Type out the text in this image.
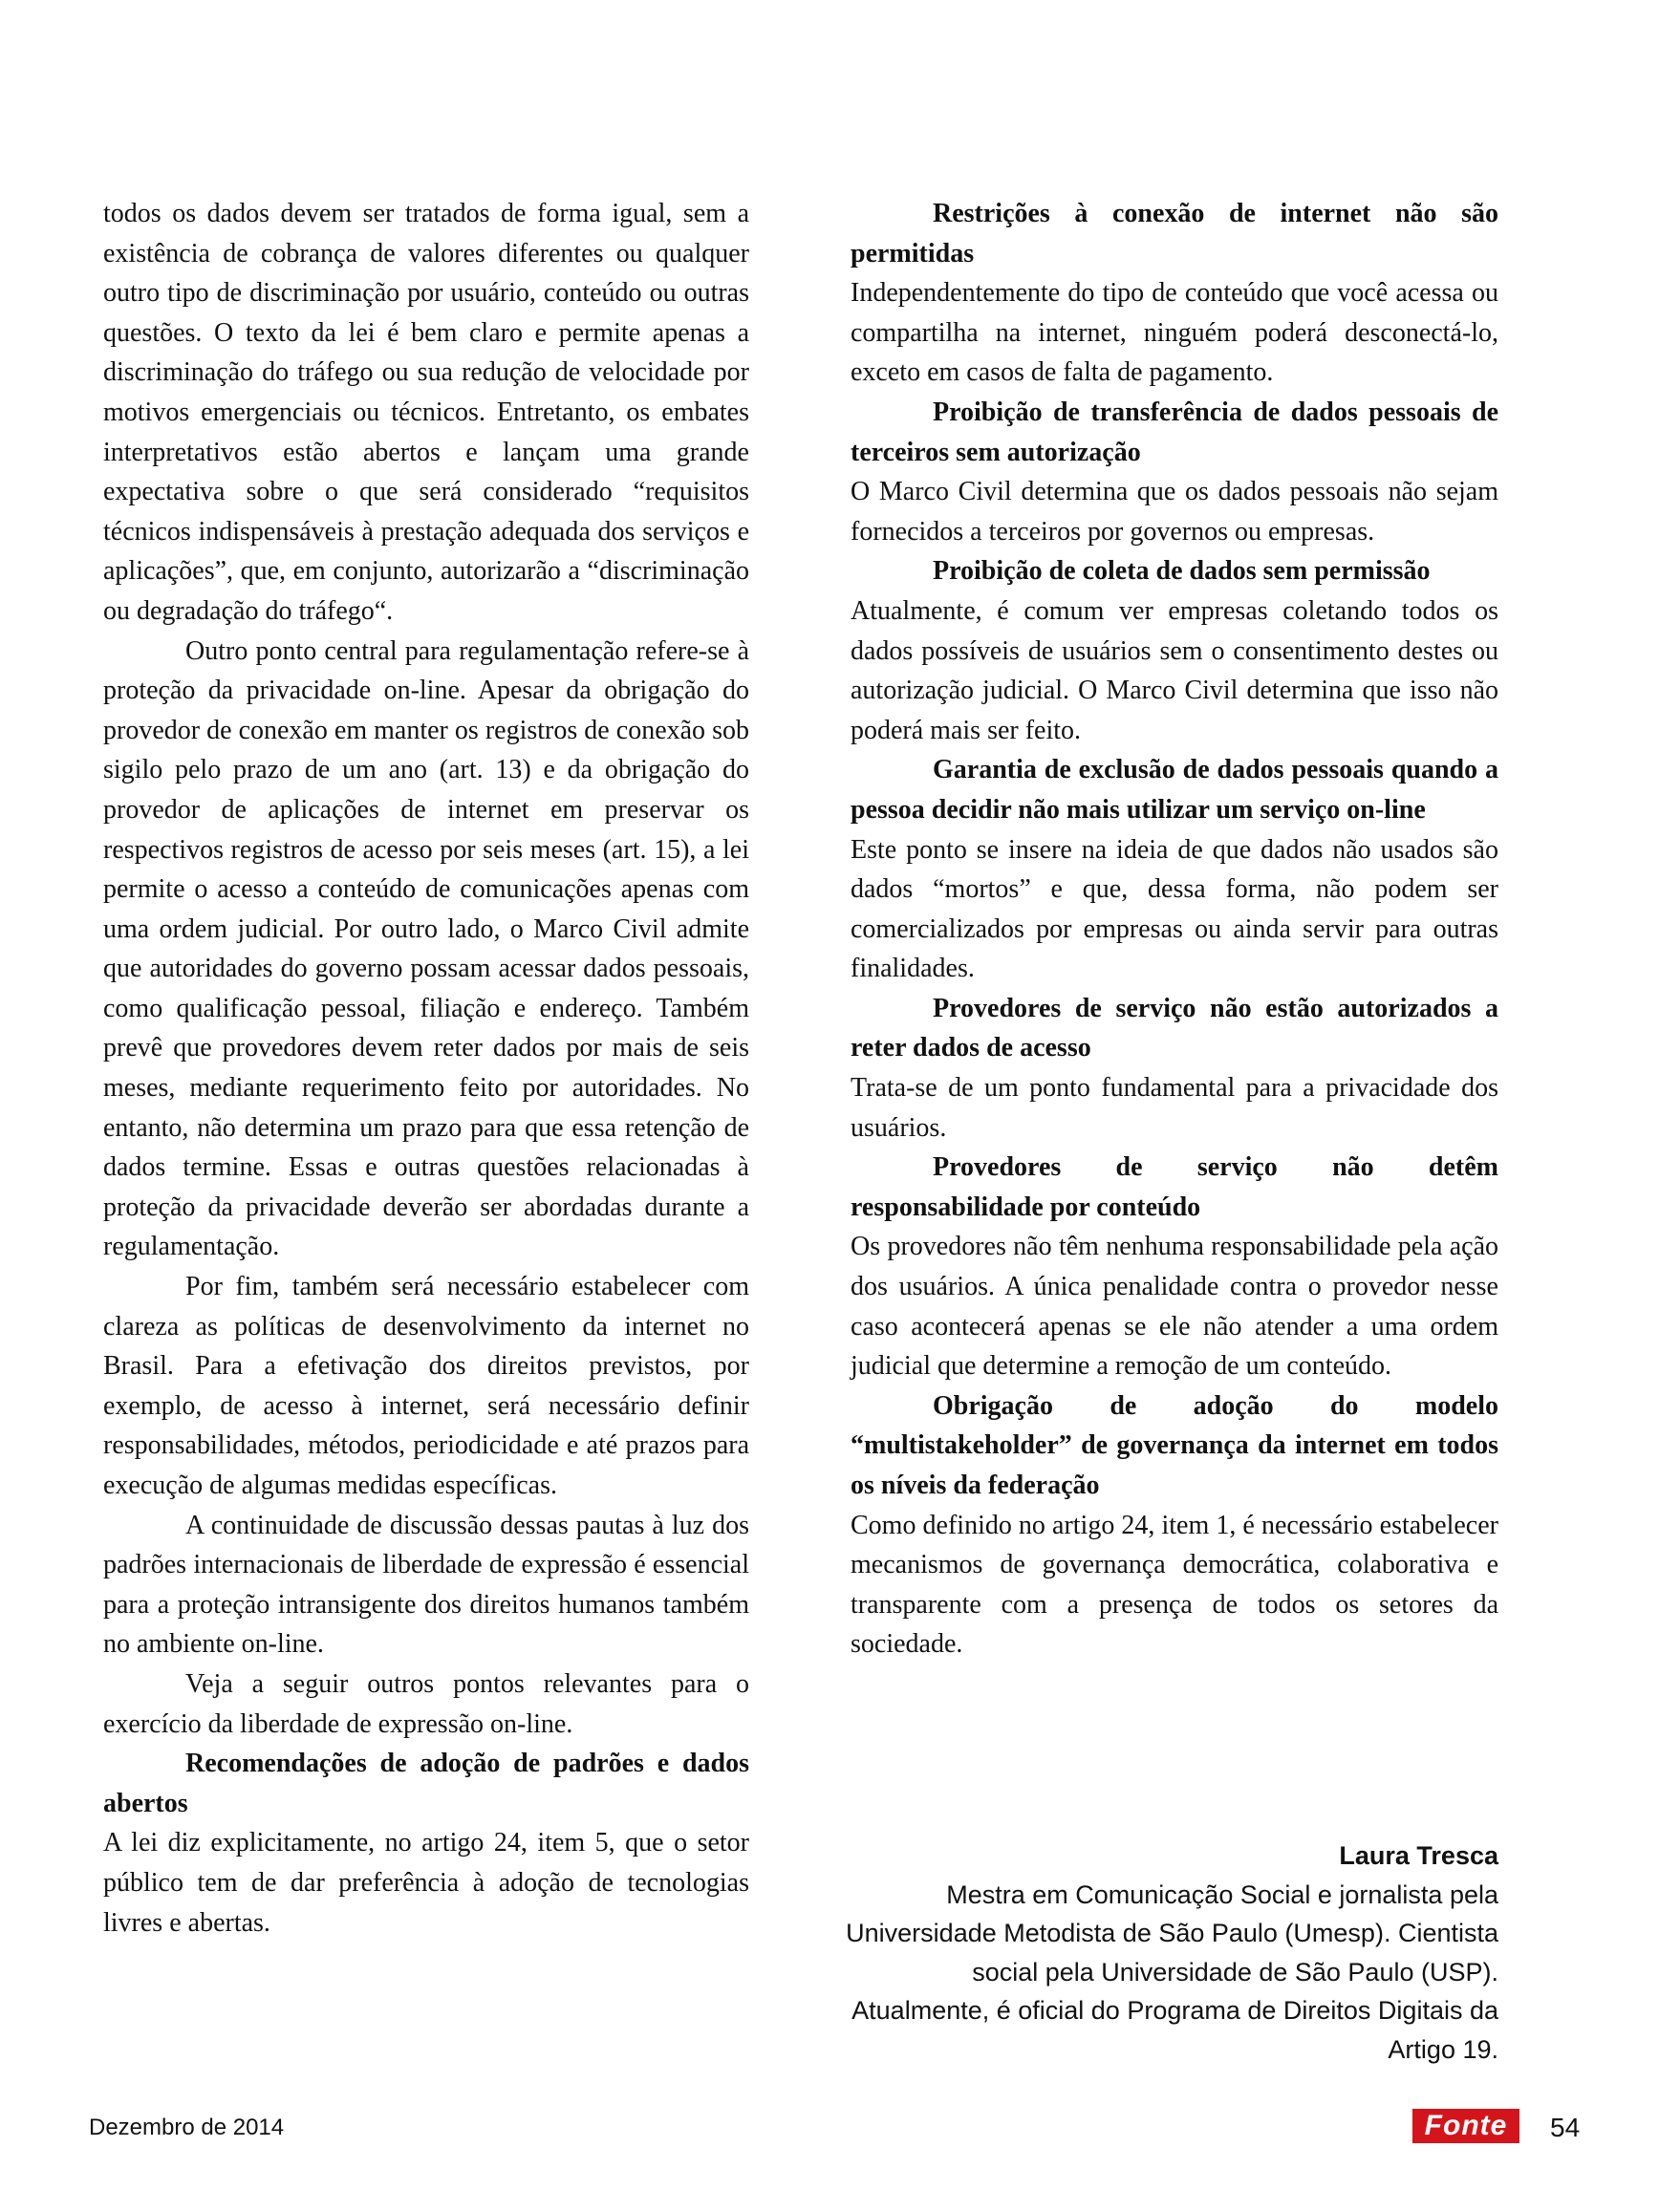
todos os dados devem ser tratados de forma igual, sem a existência de cobrança de valores diferentes ou qualquer outro tipo de discriminação por usuário, conteúdo ou outras questões. O texto da lei é bem claro e permite apenas a discriminação do tráfego ou sua redução de velocidade por motivos emergenciais ou técnicos. Entretanto, os embates interpretativos estão abertos e lançam uma grande expectativa sobre o que será considerado “requisitos técnicos indispensáveis à prestação adequada dos serviços e aplicações”, que, em conjunto, autorizarão a “discriminação ou degradação do tráfego“.

Outro ponto central para regulamentação refere-se à proteção da privacidade on-line. Apesar da obrigação do provedor de conexão em manter os registros de conexão sob sigilo pelo prazo de um ano (art. 13) e da obrigação do provedor de aplicações de internet em preservar os respectivos registros de acesso por seis meses (art. 15), a lei permite o acesso a conteúdo de comunicações apenas com uma ordem judicial. Por outro lado, o Marco Civil admite que autoridades do governo possam acessar dados pessoais, como qualificação pessoal, filiação e endereço. Também prevê que provedores devem reter dados por mais de seis meses, mediante requerimento feito por autoridades. No entanto, não determina um prazo para que essa retenção de dados termine. Essas e outras questões relacionadas à proteção da privacidade deverão ser abordadas durante a regulamentação.

Por fim, também será necessário estabelecer com clareza as políticas de desenvolvimento da internet no Brasil. Para a efetivação dos direitos previstos, por exemplo, de acesso à internet, será necessário definir responsabilidades, métodos, periodicidade e até prazos para execução de algumas medidas específicas.

A continuidade de discussão dessas pautas à luz dos padrões internacionais de liberdade de expressão é essencial para a proteção intransigente dos direitos humanos também no ambiente on-line.

Veja a seguir outros pontos relevantes para o exercício da liberdade de expressão on-line.

Recomendações de adoção de padrões e dados abertos

A lei diz explicitamente, no artigo 24, item 5, que o setor público tem de dar preferência à adoção de tecnologias livres e abertas.

Restrições à conexão de internet não são permitidas

Independentemente do tipo de conteúdo que você acessa ou compartilha na internet, ninguém poderá desconectá-lo, exceto em casos de falta de pagamento.

Proibição de transferência de dados pessoais de terceiros sem autorização

O Marco Civil determina que os dados pessoais não sejam fornecidos a terceiros por governos ou empresas.

Proibição de coleta de dados sem permissão

Atualmente, é comum ver empresas coletando todos os dados possíveis de usuários sem o consentimento destes ou autorização judicial. O Marco Civil determina que isso não poderá mais ser feito.

Garantia de exclusão de dados pessoais quando a pessoa decidir não mais utilizar um serviço on-line

Este ponto se insere na ideia de que dados não usados são dados “mortos” e que, dessa forma, não podem ser comercializados por empresas ou ainda servir para outras finalidades.

Provedores de serviço não estão autorizados a reter dados de acesso

Trata-se de um ponto fundamental para a privacidade dos usuários.

Provedores de serviço não detêm responsabilidade por conteúdo

Os provedores não têm nenhuma responsabilidade pela ação dos usuários. A única penalidade contra o provedor nesse caso acontecerá apenas se ele não atender a uma ordem judicial que determine a remoção de um conteúdo.

Obrigação de adoção do modelo “multistakeholder” de governança da internet em todos os níveis da federação

Como definido no artigo 24, item 1, é necessário estabelecer mecanismos de governança democrática, colaborativa e transparente com a presença de todos os setores da sociedade.

Laura Tresca
Mestra em Comunicação Social e jornalista pela Universidade Metodista de São Paulo (Umesp). Cientista social pela Universidade de São Paulo (USP). Atualmente, é oficial do Programa de Direitos Digitais da Artigo 19.
Dezembro de 2014	Fonte	54
